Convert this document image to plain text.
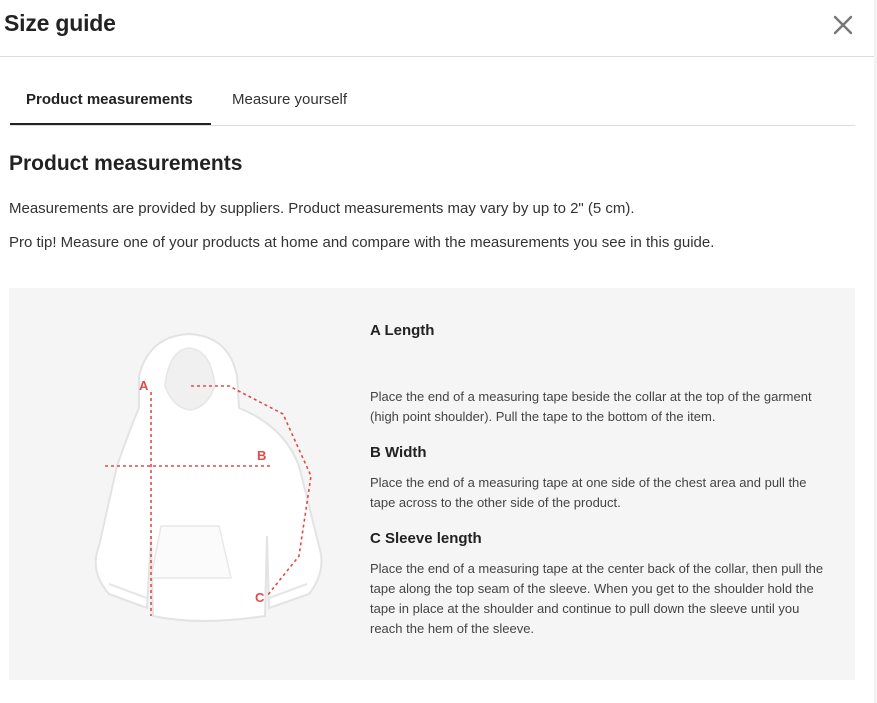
Size guide
Product measurements	Measure yourself
Product measurements
Measurements are provided by suppliers. Product measurements may vary by up to 2" (5 cm).
Pro tip! Measure one of your products at home and compare with the measurements you see in this guide.
A
B
C
A Length
Place the end of a measuring tape beside the collar at the top of the garment (high point shoulder). Pull the tape to the bottom of the item.
B Width
Place the end of a measuring tape at one side of the chest area and pull the tape across to the other side of the product.
C Sleeve length
Place the end of a measuring tape at the center back of the collar, then pull the tape along the top seam of the sleeve. When you get to the shoulder hold the tape in place at the shoulder and continue to pull down the sleeve until you reach the hem of the sleeve.
